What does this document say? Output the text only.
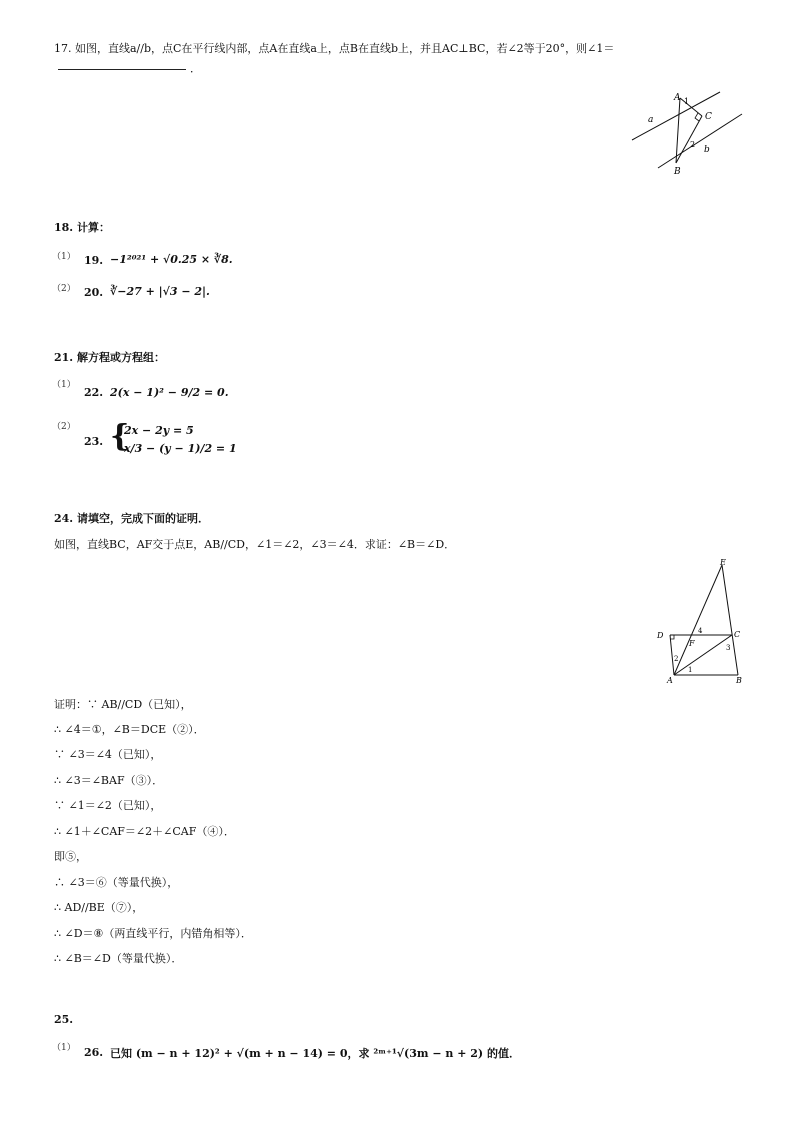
17. 如图，直线a//b，点C在平行线内部，点A在直线a上，点B在直线b上，并且AC⊥BC，若∠2等于20°，则∠1＝
．
A
C
B
a
b
1
2
18. 计算：
（1） 19. −1²⁰²¹ + √0.25 × ∛8.
（2） 20. ∛−27 + |√3 − 2|.
21. 解方程或方程组：
（1）
22. 2(x − 1)² − 9/2 = 0.
（2）
23. {
2x − 2y = 5
x/3 − (y − 1)/2 = 1
24. 请填空，完成下面的证明．
如图，直线BC，AF交于点E，AB//CD，∠1＝∠2，∠3＝∠4．求证：∠B＝∠D．
E
D	C
F
A	B
1
2
3
4
证明：∵ AB//CD（已知），
∴ ∠4＝①，∠B＝DCE（②）．
∵ ∠3＝∠4（已知），
∴ ∠3＝∠BAF（③）．
∵ ∠1＝∠2（已知），
∴ ∠1＋∠CAF＝∠2＋∠CAF（④）．
即⑤，
∴ ∠3＝⑥（等量代换），
∴ AD//BE（⑦），
∴ ∠D＝⑧（两直线平行，内错角相等）．
∴ ∠B＝∠D（等量代换）．
25.
（1） 26. 已知 (m − n + 12)² + √(m + n − 14) = 0，求 ²ᵐ⁺¹√(3m − n + 2) 的值．
